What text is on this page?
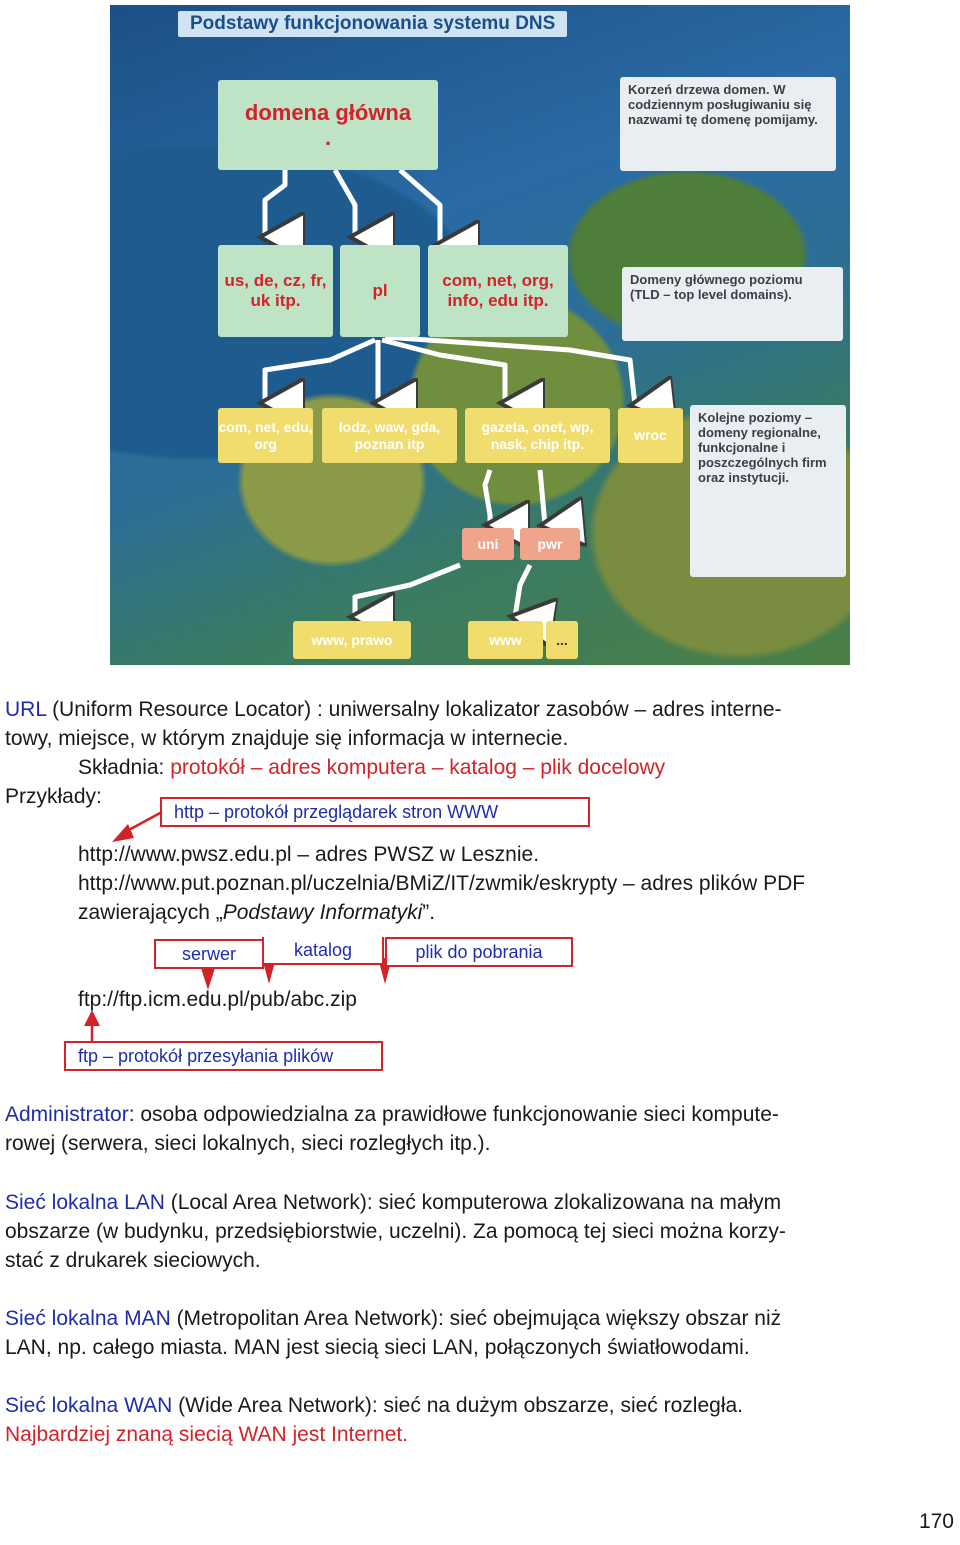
Podstawy funkcjonowania systemu DNS
domena główna
.
Korzeń drzewa domen. W codziennym posługiwaniu się nazwami tę domenę pomijamy.
us, de, cz, fr, uk itp.
pl
com, net, org, info, edu itp.
Domeny głównego poziomu (TLD – top level domains).
com, net, edu, org
lodz, waw, gda, poznan itp
gazeta, onet, wp, nask, chip itp.
wroc
Kolejne poziomy – domeny regionalne, funkcjonalne i poszczególnych firm oraz instytucji.
uni	pwr
www, prawo	www	...
URL (Uniform Resource Locator) : uniwersalny lokalizator zasobów – adres interne-
towy, miejsce, w którym znajduje się informacja w internecie.
Składnia: protokół – adres komputera – katalog – plik docelowy
Przykłady:
http – protokół przeglądarek stron WWW
http://www.pwsz.edu.pl – adres PWSZ w Lesznie.
http://www.put.poznan.pl/uczelnia/BMiZ/IT/zwmik/eskrypty – adres plików PDF
zawierających „Podstawy Informatyki”.
serwer	katalog	plik do pobrania
ftp://ftp.icm.edu.pl/pub/abc.zip
ftp – protokół przesyłania plików
Administrator: osoba odpowiedzialna za prawidłowe funkcjonowanie sieci kompute-
rowej (serwera, sieci lokalnych, sieci rozległych itp.).
Sieć lokalna LAN (Local Area Network): sieć komputerowa zlokalizowana na małym
obszarze (w budynku, przedsiębiorstwie, uczelni). Za pomocą tej sieci można korzy-
stać z drukarek sieciowych.
Sieć lokalna MAN (Metropolitan Area Network): sieć obejmująca większy obszar niż
LAN, np. całego miasta. MAN jest siecią sieci LAN, połączonych światłowodami.
Sieć lokalna WAN (Wide Area Network): sieć na dużym obszarze, sieć rozległa.
Najbardziej znaną siecią WAN jest Internet.
170
